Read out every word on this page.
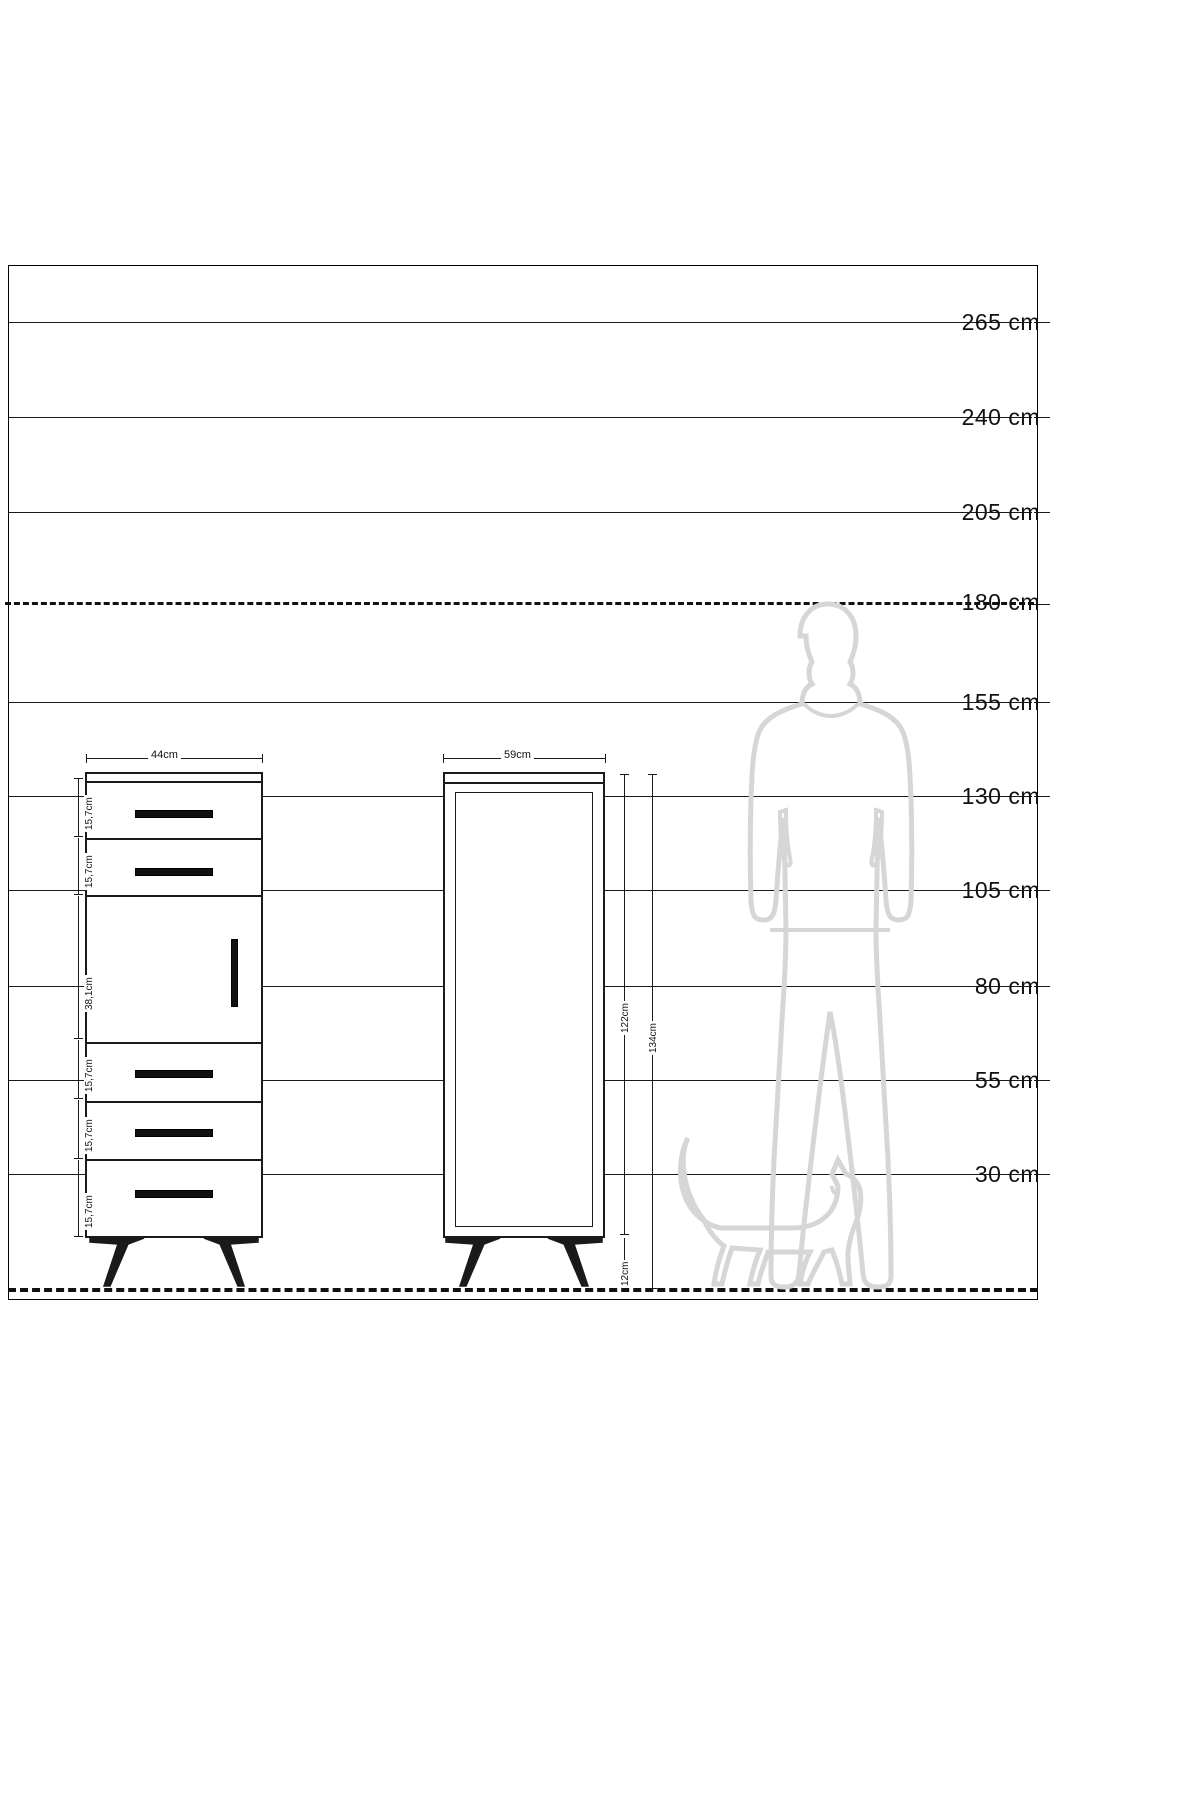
265 cm
240 cm
205 cm
180 cm
155 cm
130 cm
105 cm
80 cm
55 cm
30 cm
44cm	59cm
15,7cm
15,7cm
38,1cm
15,7cm
15,7cm
15,7cm
122cm
134cm
12cm
